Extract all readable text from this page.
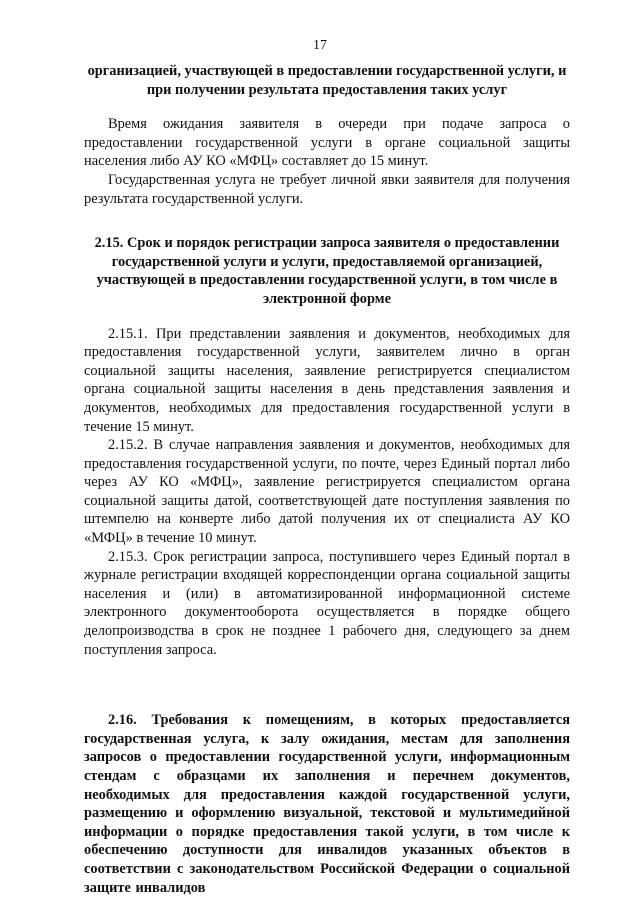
17

организацией, участвующей в предоставлении государственной услуги, и при получении результата предоставления таких услуг

Время ожидания заявителя в очереди при подаче запроса о предоставлении государственной услуги в органе социальной защиты населения либо АУ КО «МФЦ» составляет до 15 минут.

Государственная услуга не требует личной явки заявителя для получения результата государственной услуги.

2.15. Срок и порядок регистрации запроса заявителя о предоставлении государственной услуги и услуги, предоставляемой организацией, участвующей в предоставлении государственной услуги, в том числе в электронной форме

2.15.1. При представлении заявления и документов, необходимых для предоставления государственной услуги, заявителем лично в орган социальной защиты населения, заявление регистрируется специалистом органа социальной защиты населения в день представления заявления и документов, необходимых для предоставления государственной услуги в течение 15 минут.

2.15.2. В случае направления заявления и документов, необходимых для предоставления государственной услуги, по почте, через Единый портал либо через АУ КО «МФЦ», заявление регистрируется специалистом органа социальной защиты датой, соответствующей дате поступления заявления по штемпелю на конверте либо датой получения их от специалиста АУ КО «МФЦ» в течение 10 минут.

2.15.3. Срок регистрации запроса, поступившего через Единый портал в журнале регистрации входящей корреспонденции органа социальной защиты населения и (или) в автоматизированной информационной системе электронного документооборота осуществляется в порядке общего делопроизводства в срок не позднее 1 рабочего дня, следующего за днем поступления запроса.

2.16. Требования к помещениям, в которых предоставляется государственная услуга, к залу ожидания, местам для заполнения запросов о предоставлении государственной услуги, информационным стендам с образцами их заполнения и перечнем документов, необходимых для предоставления каждой государственной услуги, размещению и оформлению визуальной, текстовой и мультимедийной информации о порядке предоставления такой услуги, в том числе к обеспечению доступности для инвалидов указанных объектов в соответствии с законодательством Российской Федерации о социальной защите инвалидов
